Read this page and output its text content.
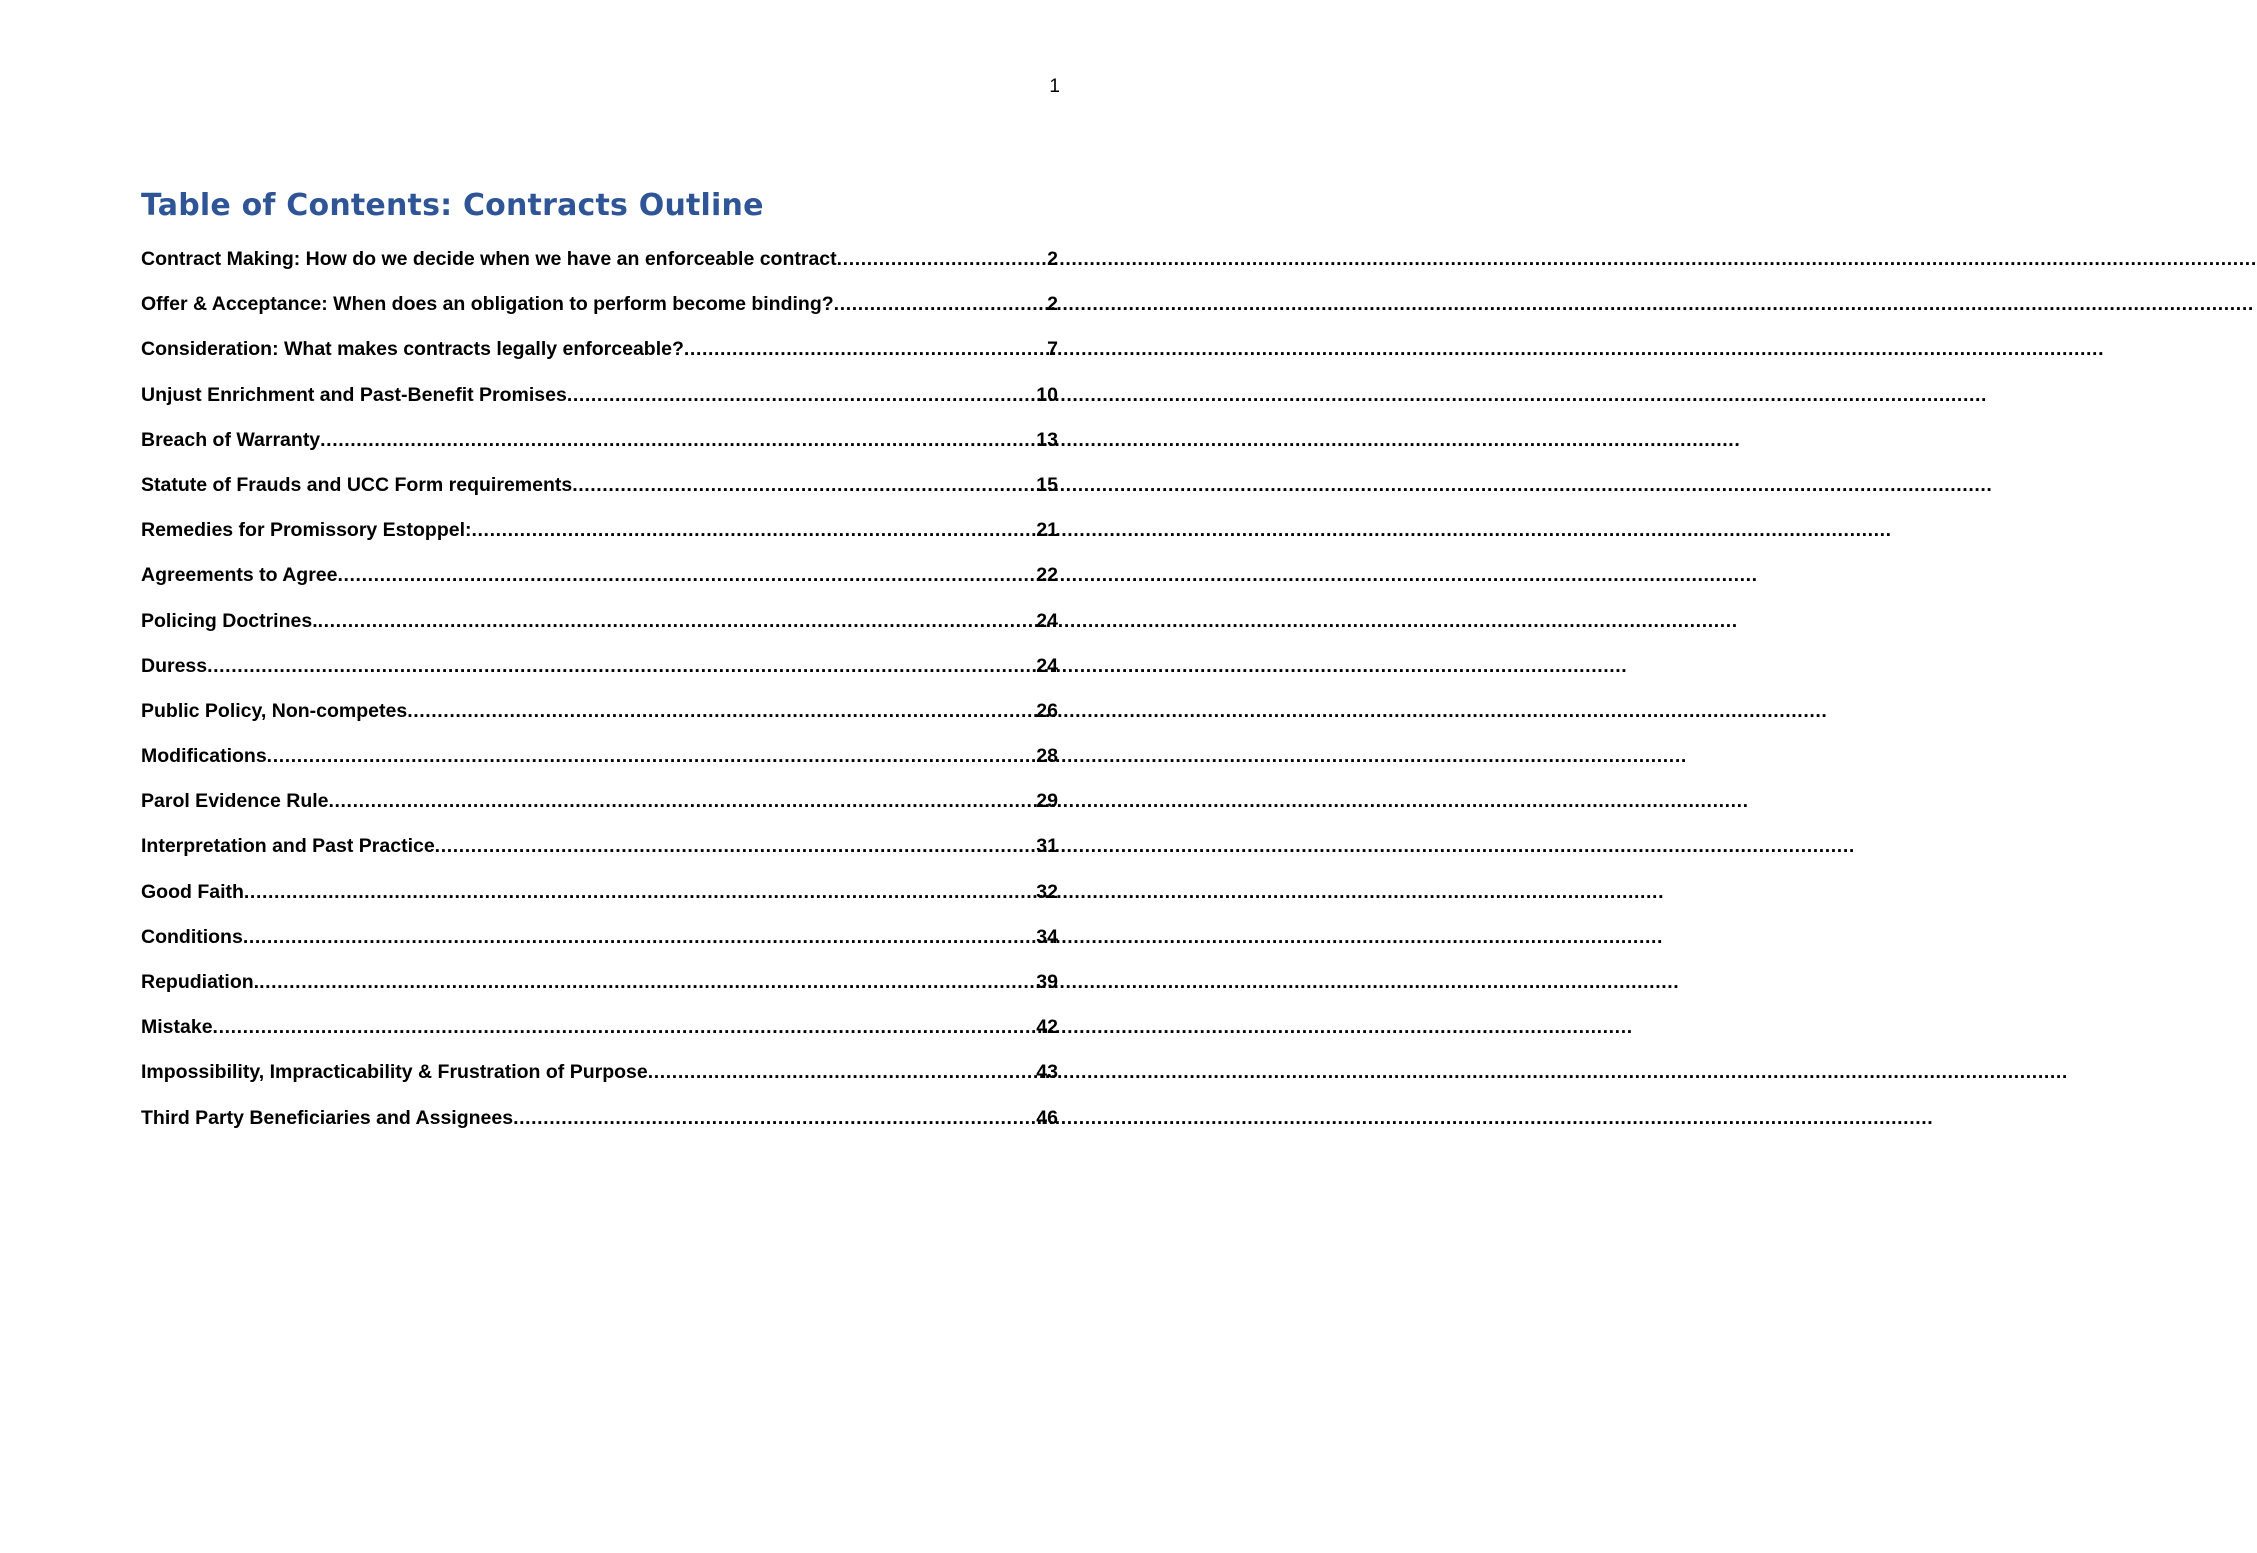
1
Table of Contents: Contracts Outline
Contract Making: How do we decide when we have an enforceable contract .....	2
Offer & Acceptance: When does an obligation to perform become binding? .....	2
Consideration: What makes contracts legally enforceable? .....	7
Unjust Enrichment and Past-Benefit Promises .....	10
Breach of Warranty .....	13
Statute of Frauds and UCC Form requirements .....	15
Remedies for Promissory Estoppel: .....	21
Agreements to Agree .....	22
Policing Doctrines. .....	24
Duress .....	24
Public Policy, Non-competes .....	26
Modifications .....	28
Parol Evidence Rule .....	29
Interpretation and Past Practice .....	31
Good Faith .....	32
Conditions .....	34
Repudiation. .....	39
Mistake .....	42
Impossibility, Impracticability & Frustration of Purpose .....	43
Third Party Beneficiaries and Assignees .....	46
